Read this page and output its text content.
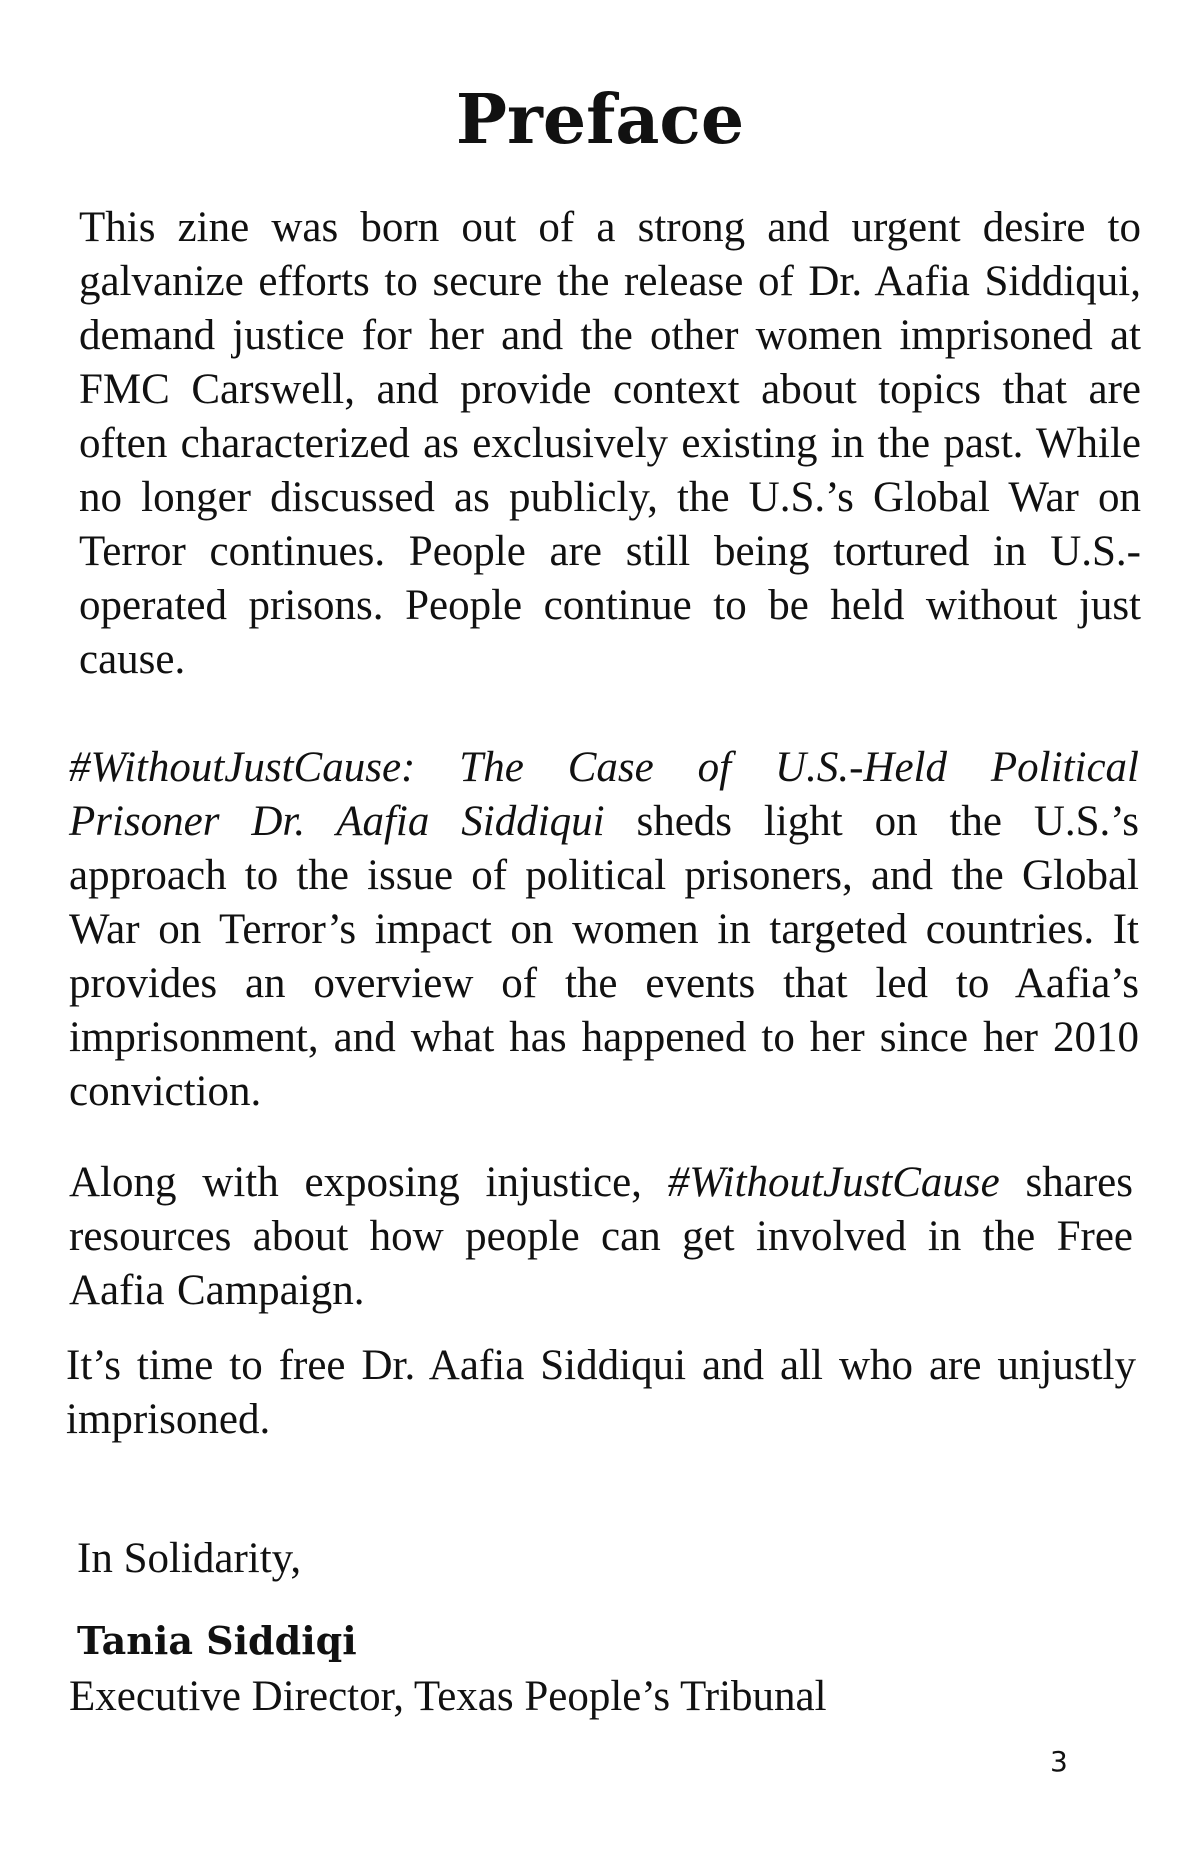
Preface

This zine was born out of a strong and urgent desire to galvanize efforts to secure the release of Dr. Aafia Siddiqui, demand justice for her and the other women imprisoned at FMC Carswell, and provide context about topics that are often characterized as exclusively existing in the past. While no longer discussed as publicly, the U.S.’s Global War on Terror continues. People are still being tortured in U.S.-operated prisons. People continue to be held without just cause.

#WithoutJustCause: The Case of U.S.-Held Political Prisoner Dr. Aafia Siddiqui sheds light on the U.S.’s approach to the issue of political prisoners, and the Global War on Terror’s impact on women in targeted countries. It provides an overview of the events that led to Aafia’s imprisonment, and what has happened to her since her 2010 conviction.

Along with exposing injustice, #WithoutJustCause shares resources about how people can get involved in the Free Aafia Campaign.

It’s time to free Dr. Aafia Siddiqui and all who are unjustly imprisoned.

In Solidarity,

Tania Siddiqi

Executive Director, Texas People’s Tribunal

3
